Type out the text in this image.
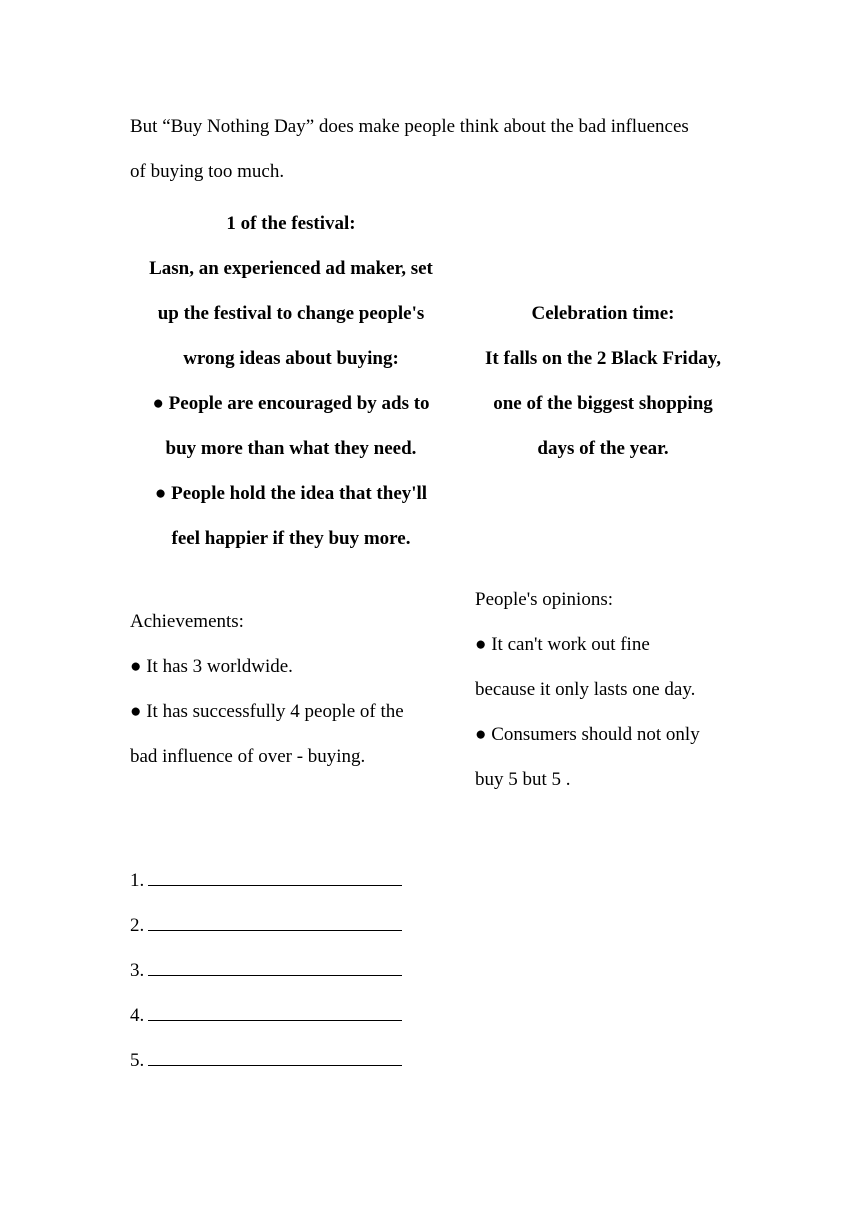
But “Buy Nothing Day” does make people think about the bad influences
of buying too much.
1 of the festival:
Lasn, an experienced ad maker, set
up the festival to change people's
wrong ideas about buying:
● People are encouraged by ads to
buy more than what they need.
● People hold the idea that they'll
feel happier if they buy more.
Celebration time:
It falls on the 2 Black Friday,
one of the biggest shopping
days of the year.
Achievements:
● It has 3 worldwide.
● It has successfully 4 people of the
bad influence of over - buying.
People's opinions:
● It can't work out fine
because it only lasts one day.
● Consumers should not only
buy 5 but 5 .
1.
2.
3.
4.
5.
